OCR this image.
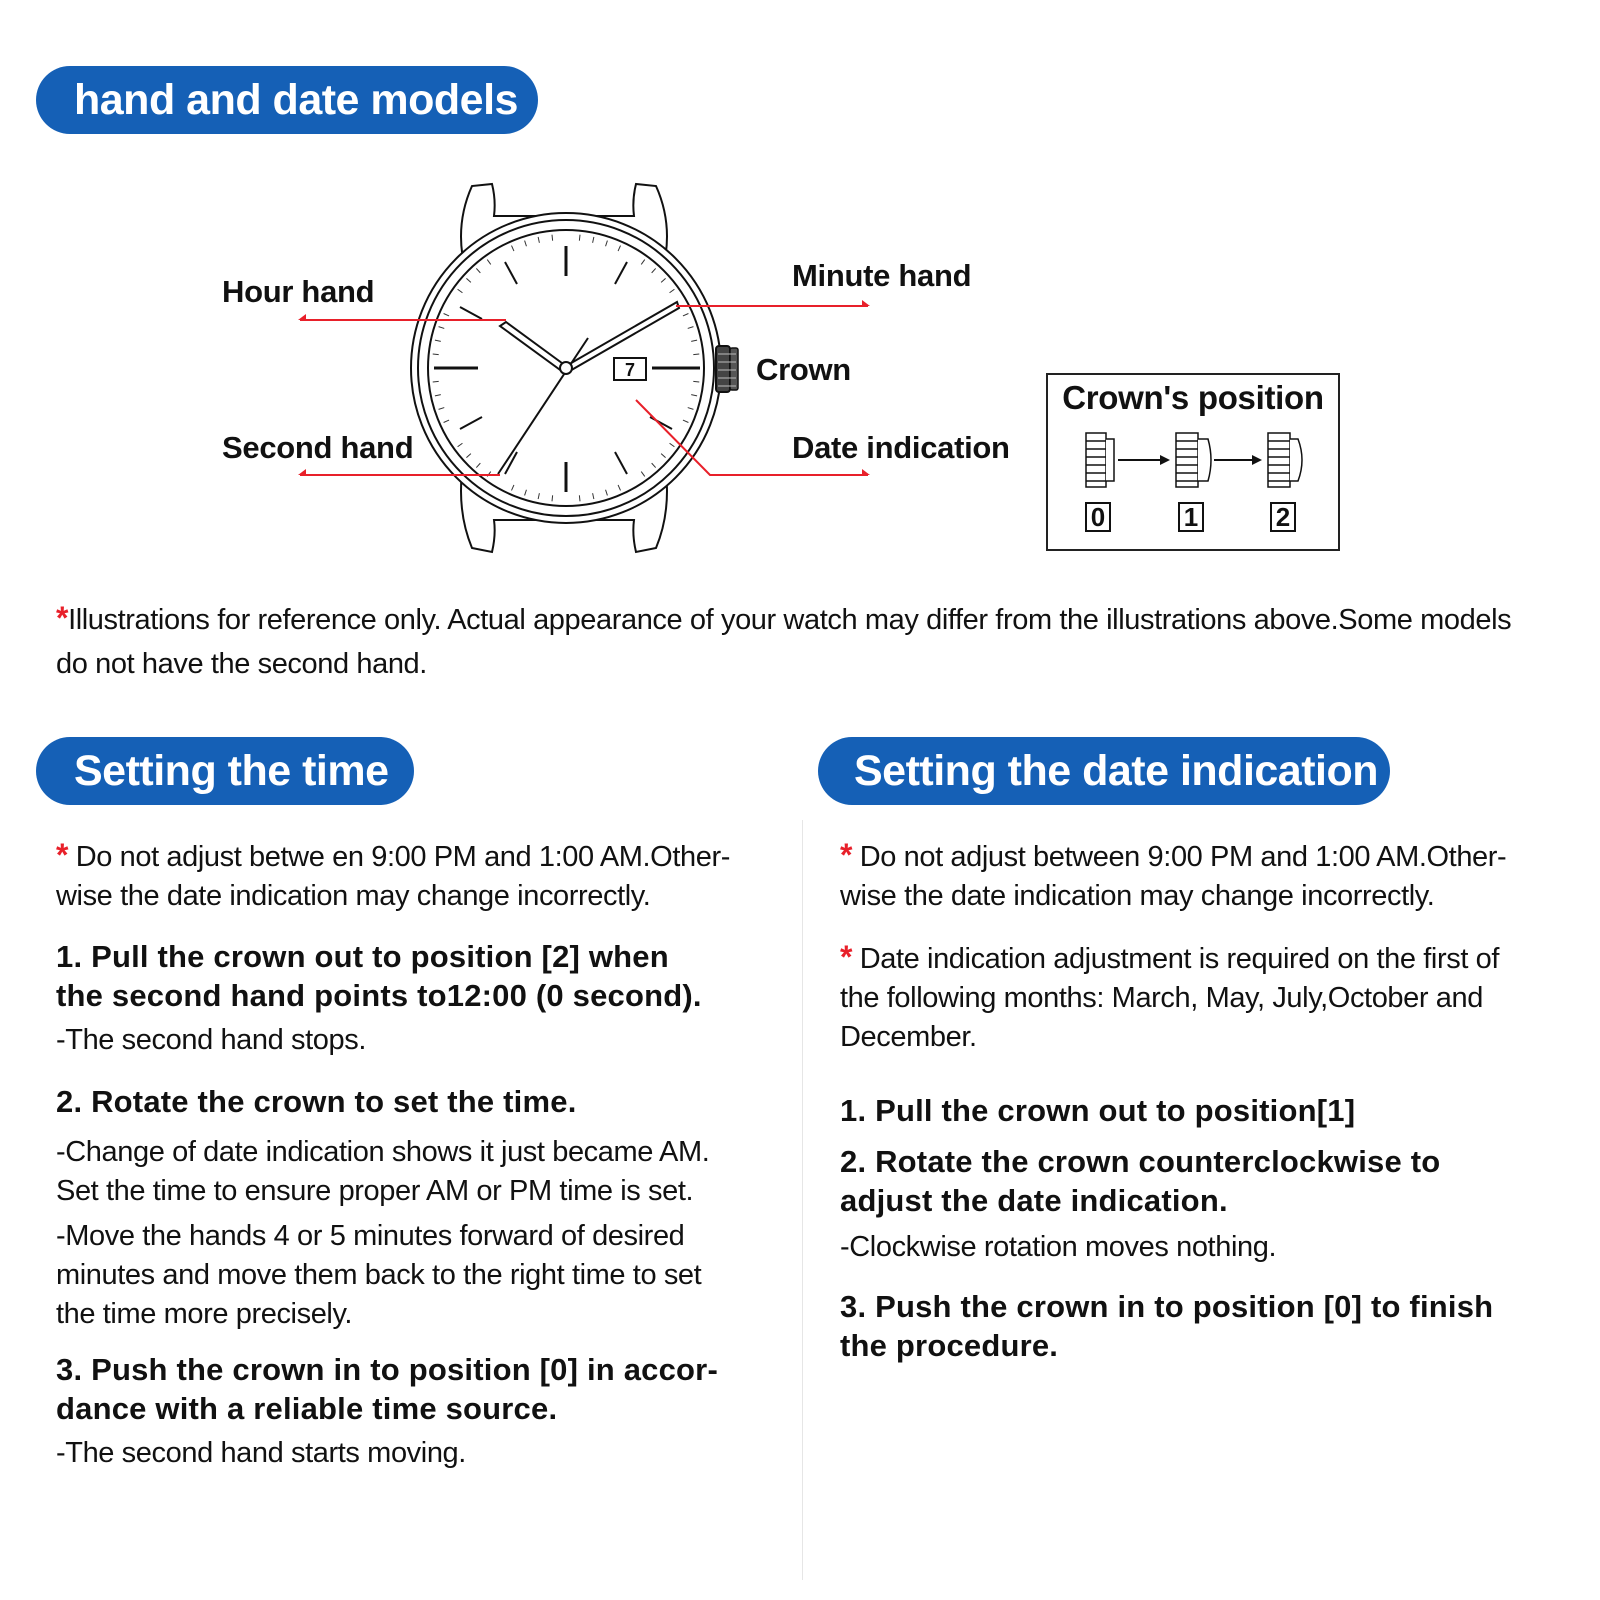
hand and date models
7
Hour hand	Minute hand
Crown
Second hand	Date indication
Crown's position
0	1	2
*Illustrations for reference only. Actual appearance of your watch may differ from the illustrations above.Some models
do not have the second hand.
Setting the time	Setting the date indication

* Do not adjust betwe en 9:00 PM and 1:00 AM.Other-
wise the date indication may change incorrectly.

1. Pull the crown out to position [2] when
the second hand points to12:00 (0 second).

-The second hand stops.

2. Rotate the crown to set the time.

-Change of date indication shows it just became AM.
Set the time to ensure proper AM or PM time is set.

-Move the hands 4 or 5 minutes forward of desired
minutes and move them back to the right time to set
the time more precisely.

3. Push the crown in to position [0] in accor-
dance with a reliable time source.

-The second hand starts moving.

* Do not adjust between 9:00 PM and 1:00 AM.Other-
wise the date indication may change incorrectly.

* Date indication adjustment is required on the first of
the following months: March, May, July,October and
December.

1. Pull the crown out to position[1]

2. Rotate the crown counterclockwise to
adjust the date indication.

-Clockwise rotation moves nothing.

3. Push the crown in to position [0] to finish
the procedure.
